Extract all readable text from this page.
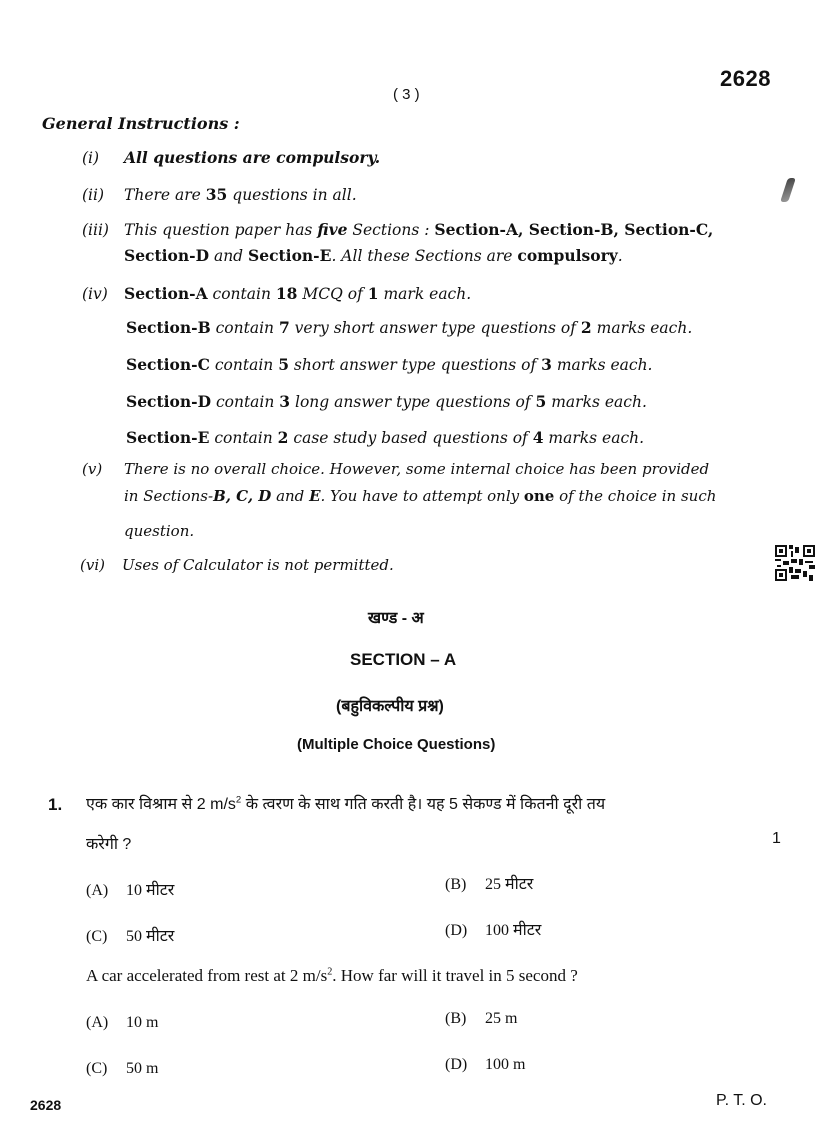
( 3 )
2628
General Instructions :
(i) All questions are compulsory.
(ii) There are 35 questions in all.
(iii) This question paper has five Sections : Section-A, Section-B, Section-C,
Section-D and Section-E. All these Sections are compulsory.
(iv) Section-A contain 18 MCQ of 1 mark each.
Section-B contain 7 very short answer type questions of 2 marks each.
Section-C contain 5 short answer type questions of 3 marks each.
Section-D contain 3 long answer type questions of 5 marks each.
Section-E contain 2 case study based questions of 4 marks each.
(v) There is no overall choice. However, some internal choice has been provided
in Sections-B, C, D and E. You have to attempt only one of the choice in such
question.
(vi) Uses of Calculator is not permitted.
खण्ड - अ
SECTION – A
(बहुविकल्पीय प्रश्न)
(Multiple Choice Questions)
1. एक कार विश्राम से 2 $m/s^2$ के त्वरण के साथ गति करती है। यह 5 सेकण्ड में कितनी दूरी तय
करेगी ?	1
(A) 10 मीटर	(B) 25 मीटर
(C) 50 मीटर	(D) 100 मीटर
A car accelerated from rest at 2 $m/s^2$. How far will it travel in 5 second ?
(A) 10 m	(B) 25 m
(C) 50 m	(D) 100 m
2628	P. T. O.
